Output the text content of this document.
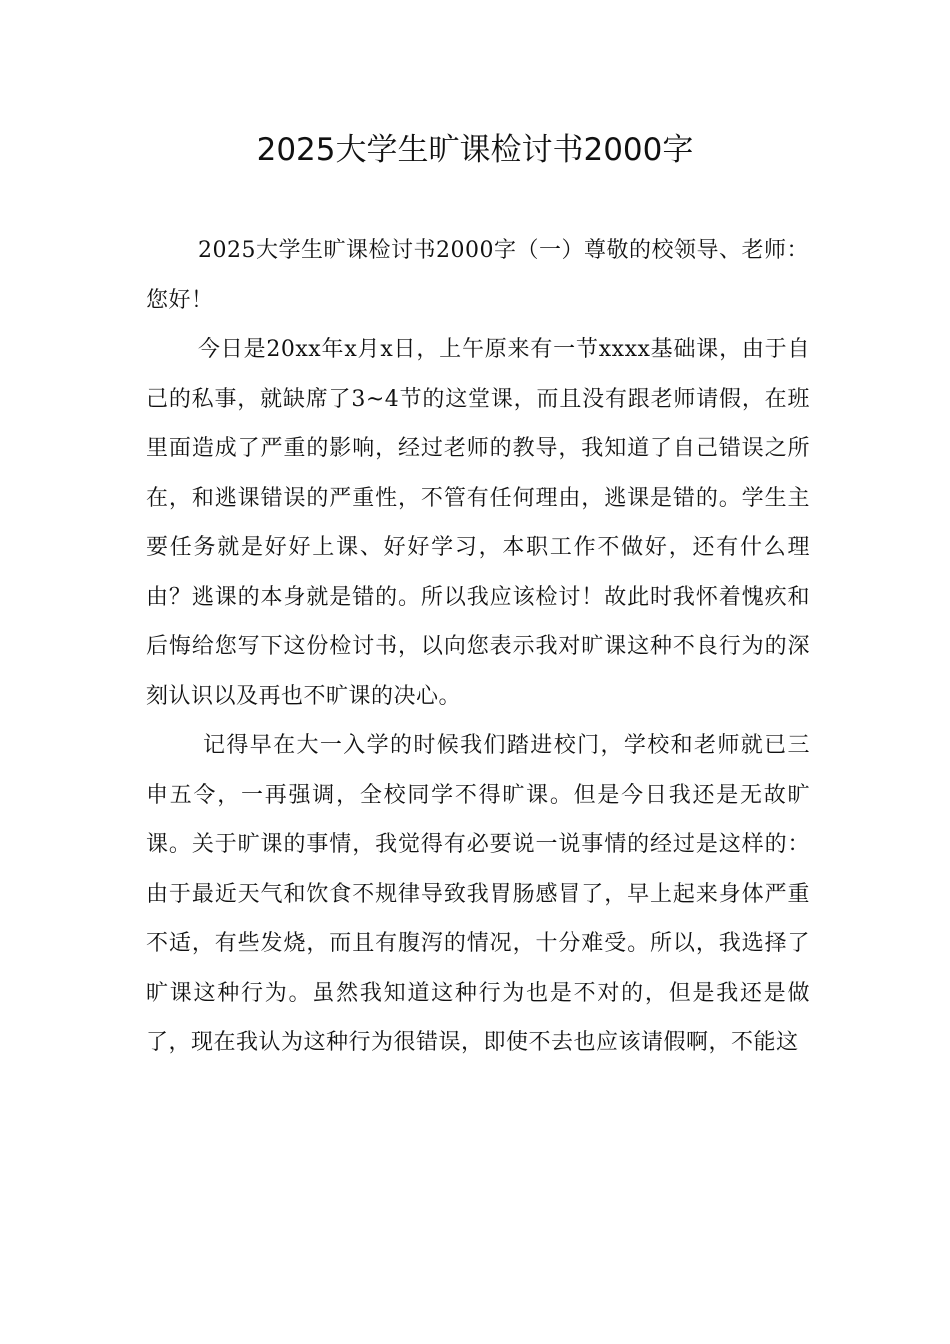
2025大学生旷课检讨书2000字

2025大学生旷课检讨书2000字（一）尊敬的校领导、老师：

您好！

今日是20xx年x月x日，上午原来有一节xxxx基础课，由于自己的私事，就缺席了3~4节的这堂课，而且没有跟老师请假，在班里面造成了严重的影响，经过老师的教导，我知道了自己错误之所在，和逃课错误的严重性，不管有任何理由，逃课是错的。学生主要任务就是好好上课、好好学习，本职工作不做好，还有什么理由？逃课的本身就是错的。所以我应该检讨！故此时我怀着愧疚和后悔给您写下这份检讨书，以向您表示我对旷课这种不良行为的深刻认识以及再也不旷课的决心。

记得早在大一入学的时候我们踏进校门，学校和老师就已三申五令，一再强调，全校同学不得旷课。但是今日我还是无故旷课。关于旷课的事情，我觉得有必要说一说事情的经过是这样的：由于最近天气和饮食不规律导致我胃肠感冒了，早上起来身体严重不适，有些发烧，而且有腹泻的情况，十分难受。所以，我选择了旷课这种行为。虽然我知道这种行为也是不对的，但是我还是做了，现在我认为这种行为很错误，即使不去也应该请假啊，不能这
